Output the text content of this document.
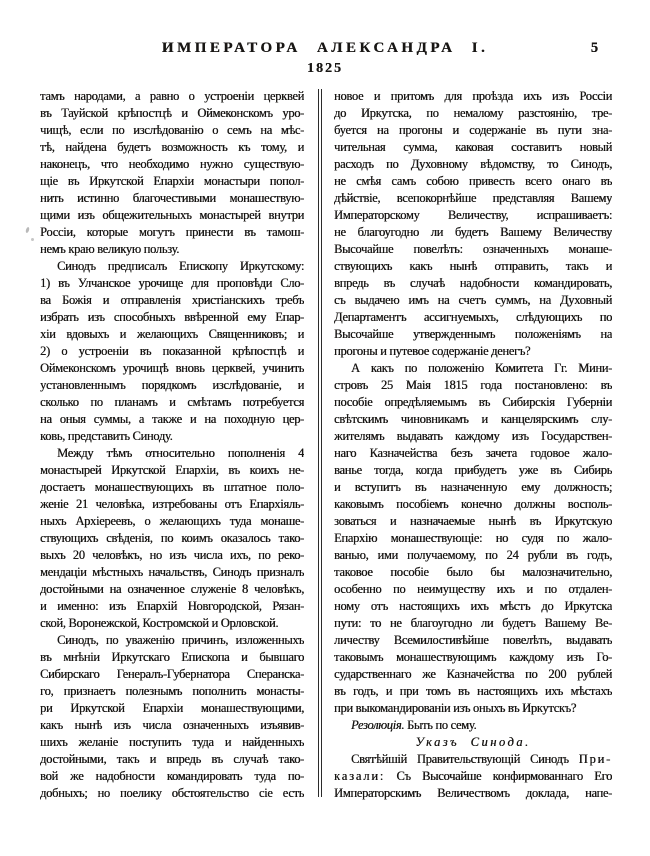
ИМПЕРАТОРА АЛЕКСАНДРА I.	5
1825
тамъ народами, а равно о устроеніи церквей
въ Тауйской крѣпостцѣ и Оймеконскомъ уро-
чищѣ, если по изслѣдованію о семъ на мѣс-
тѣ, найдена будетъ возможность къ тому, и
наконецъ, что необходимо нужно существую-
щіе въ Иркутской Епархіи монастыри попол-
нить истинно благочестивыми монашествую-
щими изъ общежительныхъ монастырей внутри
Россіи, которые могутъ принести въ тамош-
немъ краю великую пользу.
Синодъ предписалъ Епископу Иркутскому:
1) въ Улчанское урочище для проповѣди Сло-
ва Божія и отправленія христіанскихъ требъ
избрать изъ способныхъ ввѣренной ему Епар-
хіи вдовыхъ и желающихъ Священниковъ; и
2) о устроеніи въ показанной крѣпостцѣ и
Оймеконскомъ урочищѣ вновь церквей, учинить
установленнымъ порядкомъ изслѣдованіе, и
сколько по планамъ и смѣтамъ потребуется
на оныя суммы, а также и на походную цер-
ковь, представить Синоду.
Между тѣмъ относительно пополненія 4
монастырей Иркутской Епархіи, въ коихъ не-
достаетъ монашествующихъ въ штатное поло-
женіе 21 человѣка, изтребованы отъ Епархіяль-
ныхъ Архіереевъ, о желающихъ туда монаше-
ствующихъ свѣденія, по коимъ оказалось тако-
выхъ 20 человѣкъ, но изъ числа ихъ, по реко-
мендаціи мѣстныхъ начальствъ, Синодъ призналъ
достойными на означенное служеніе 8 человѣкъ,
и именно: изъ Епархій Новгородской, Рязан-
ской, Воронежской, Костромской и Орловской.
Синодъ, по уваженію причинъ, изложенныхъ
въ мнѣніи Иркутскаго Епископа и бывшаго
Сибирскаго Генералъ-Губернатора Сперанска-
го, признаетъ полезнымъ пополнить монасты-
ри Иркутской Епархіи монашествующими,
какъ нынѣ изъ числа означенныхъ изъявив-
шихъ желаніе поступить туда и найденныхъ
достойными, такъ и впредь въ случаѣ тако-
вой же надобности командировать туда по-
добныхъ; но поелику обстоятельство сіе есть
новое и притомъ для проѣзда ихъ изъ Россіи
до Иркутска, по немалому разстоянію, тре-
буется на прогоны и содержаніе въ пути зна-
чительная сумма, каковая составитъ новый
расходъ по Духовному вѣдомству, то Синодъ,
не смѣя самъ собою привесть всего онаго въ
дѣйствіе, всепокорнѣйше представляя Вашему
Императорскому Величеству, испрашиваетъ:
не благоугодно ли будетъ Вашему Величеству
Высочайше повелѣть: означенныхъ монаше-
ствующихъ какъ нынѣ отправить, такъ и
впредь въ случаѣ надобности командировать,
съ выдачею имъ на счетъ суммъ, на Духовный
Департаментъ ассигнуемыхъ, слѣдующихъ по
Высочайше утвержденнымъ положеніямъ на
прогоны и путевое содержаніе денегъ?
А какъ по положенію Комитета Гг. Мини-
стровъ 25 Маія 1815 года постановлено: въ
пособіе опредѣляемымъ въ Сибирскія Губерніи
свѣтскимъ чиновникамъ и канцелярскимъ слу-
жителямъ выдавать каждому изъ Государствен-
наго Казначейства безъ зачета годовое жало-
ванье тогда, когда прибудетъ уже въ Сибирь
и вступитъ въ назначенную ему должность;
каковымъ пособіемъ конечно должны восполь-
зоваться и назначаемые нынѣ въ Иркутскую
Епархію монашествующіе: но судя по жало-
ванью, ими получаемому, по 24 рубли въ годъ,
таковое пособіе было бы малозначительно,
особенно по неимуществу ихъ и по отдален-
ному отъ настоящихъ ихъ мѣстъ до Иркутска
пути: то не благоугодно ли будетъ Вашему Ве-
личеству Всемилостивѣйше повелѣть, выдавать
таковымъ монашествующимъ каждому изъ Го-
сударственнаго же Казначейства по 200 рублей
въ годъ, и при томъ въ настоящихъ ихъ мѣстахъ
при выкомандированіи изъ оныхъ въ Иркутскъ?
Резолюція. Быть по сему.
Указъ Синода.
Святѣйшій Правительствующій Синодъ При-
казали: Съ Высочайше конфирмованнаго Его
Императорскимъ Величествомъ доклада, напе-
